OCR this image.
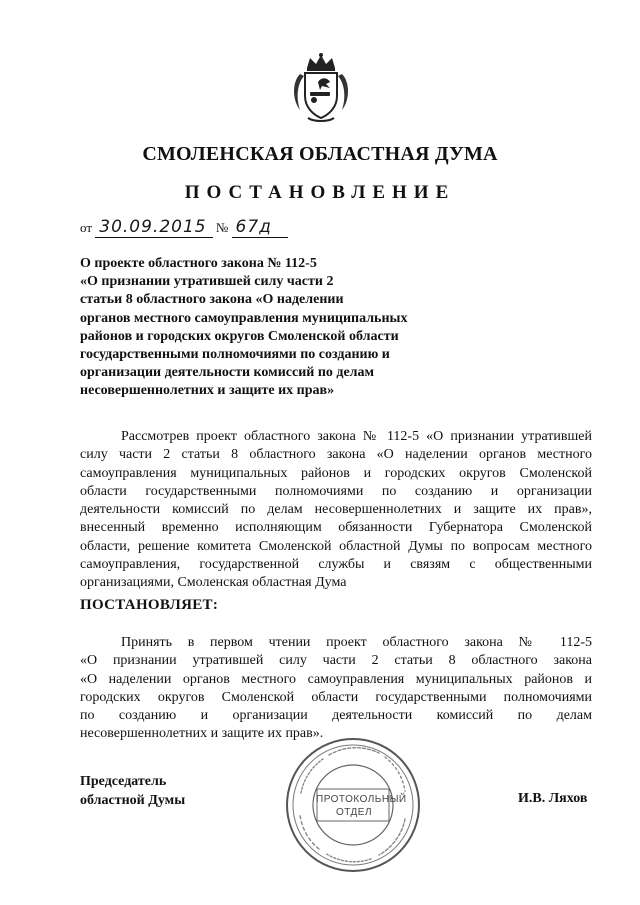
СМОЛЕНСКАЯ ОБЛАСТНАЯ ДУМА
ПОСТАНОВЛЕНИЕ
от 30.09.2015 № 67д
О проекте областного закона № 112-5
«О признании утратившей силу части 2
статьи 8 областного закона «О наделении
органов местного самоуправления муниципальных
районов и городских округов Смоленской области
государственными полномочиями по созданию и
организации деятельности комиссий по делам
несовершеннолетних и защите их прав»
Рассмотрев проект областного закона № 112-5 «О признании утратившей
силу части 2 статьи 8 областного закона «О наделении органов местного
самоуправления муниципальных районов и городских округов Смоленской
области государственными полномочиями по созданию и организации
деятельности комиссий по делам несовершеннолетних и защите их прав»,
внесенный временно исполняющим обязанности Губернатора Смоленской
области, решение комитета Смоленской областной Думы по вопросам местного
самоуправления, государственной службы и связям с общественными
организациями, Смоленская областная Дума
ПОСТАНОВЛЯЕТ:
Принять в первом чтении проект областного закона № 112-5
«О признании утратившей силу части 2 статьи 8 областного закона
«О наделении органов местного самоуправления муниципальных районов и
городских округов Смоленской области государственными полномочиями
по созданию и организации деятельности комиссий по делам
несовершеннолетних и защите их прав».
Председатель
областной Думы	ПРОТОКОЛЬНЫЙ
ОТДЕЛ
И.В. Ляхов
